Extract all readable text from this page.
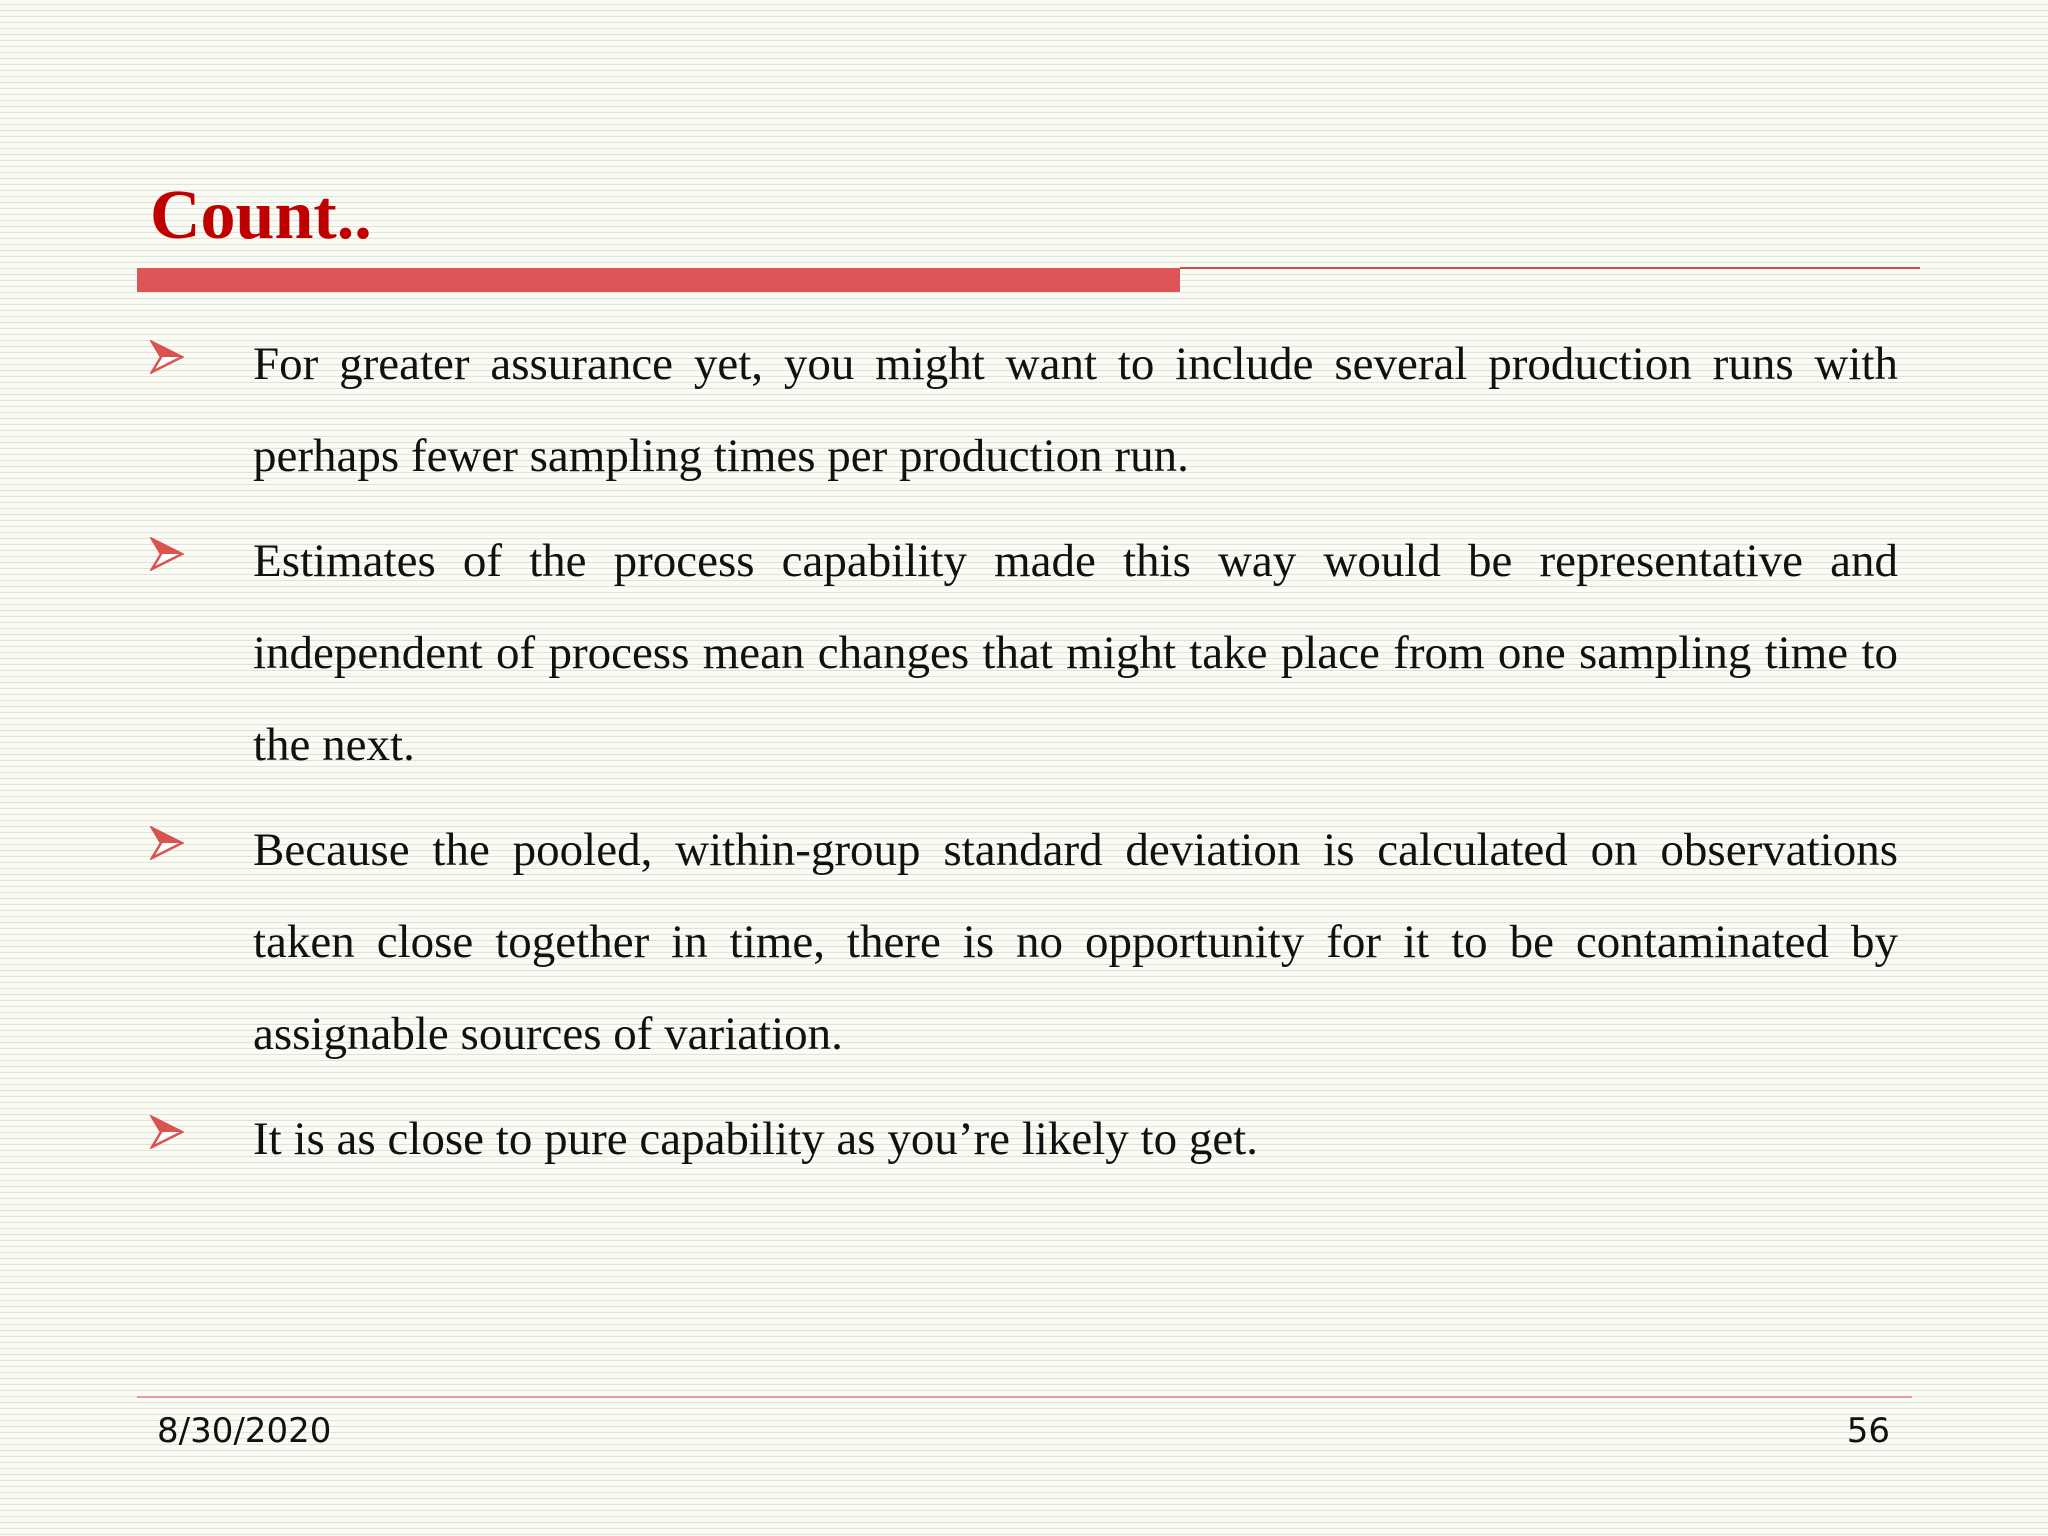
Count..

For greater assurance yet, you might want to include several production runs with perhaps fewer sampling times per production run.

Estimates of the process capability made this way would be representative and independent of process mean changes that might take place from one sampling time to the next.

Because the pooled, within-group standard deviation is calculated on observations taken close together in time, there is no opportunity for it to be contaminated by assignable sources of variation.

It is as close to pure capability as you’re likely to get.

8/30/2020	56
